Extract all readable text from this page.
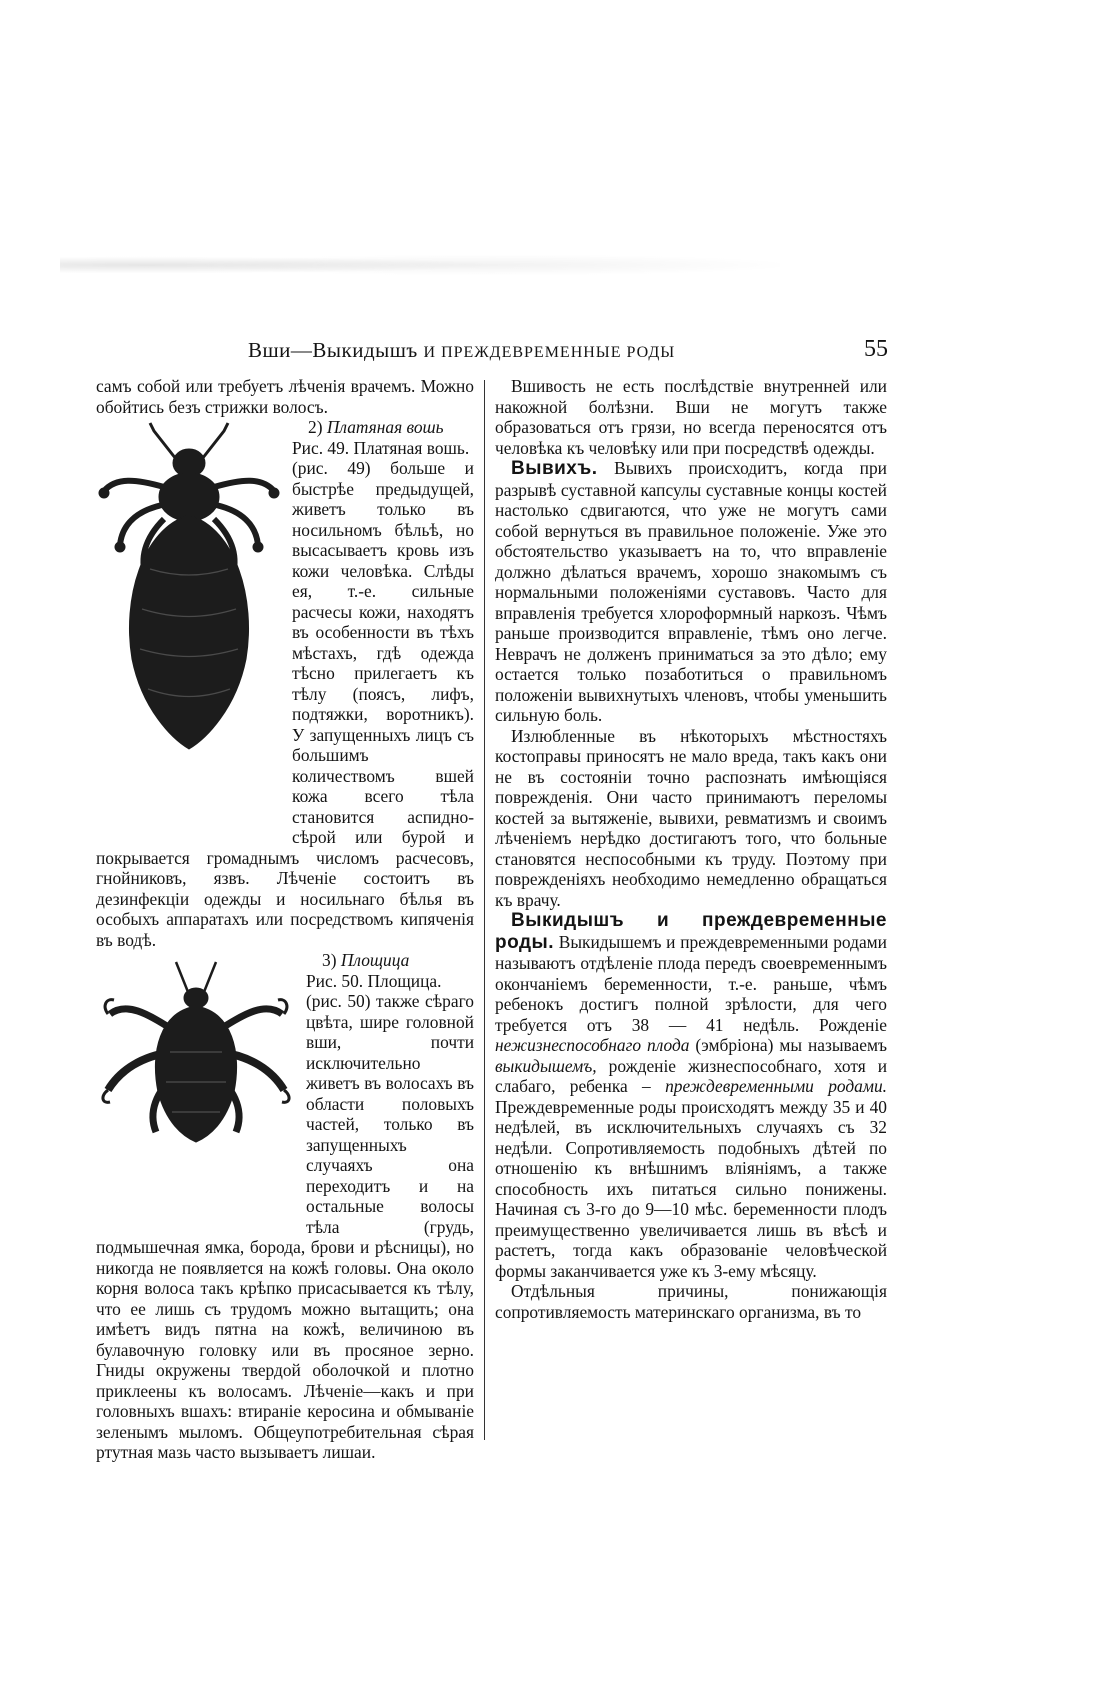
Вши—Выкидышъ И ПРЕЖДЕВРЕМЕННЫЕ РОДЫ	55

самъ собой или требуетъ лѣченія врачемъ. Можно обойтись безъ стрижки волосъ.

2) Платяная вошь

Рис. 49. Платяная вошь.
(рис. 49) больше и быстрѣе предыдущей, живетъ только въ носильномъ бѣльѣ, но высасываетъ кровь изъ кожи человѣка. Слѣды ея, т.-е. сильные расчесы кожи, находятъ въ особенности въ тѣхъ мѣстахъ, гдѣ одежда тѣсно прилегаетъ къ тѣлу (поясъ, лифъ, подтяжки, воротникъ). У запущенныхъ лицъ съ большимъ количествомъ вшей кожа всего тѣла становится аспидно-сѣрой или бурой и покрывается громаднымъ числомъ расчесовъ, гнойниковъ, язвъ. Лѣченіе состоитъ въ дезинфекціи одежды и носильнаго бѣлья въ особыхъ аппаратахъ или посредствомъ кипяченія въ водѣ.

3) Площица

Рис. 50. Площица.
(рис. 50) также сѣраго цвѣта, шире головной вши, почти исключительно живетъ въ волосахъ въ области половыхъ частей, только въ запущенныхъ случаяхъ она переходитъ и на остальные волосы тѣла (грудь, подмышечная ямка, борода, брови и рѣсницы), но никогда не появляется на кожѣ головы. Она около корня волоса такъ крѣпко присасывается къ тѣлу, что ее лишь съ трудомъ можно вытащить; она имѣетъ видъ пятна на кожѣ, величиною въ булавочную головку или въ просяное зерно. Гниды окружены твердой оболочкой и плотно приклеены къ волосамъ. Лѣченіе—какъ и при головныхъ вшахъ: втираніе керосина и обмываніе зеленымъ мыломъ. Общеупотребительная сѣрая ртутная мазь часто вызываетъ лишаи.

Вшивость не есть послѣдствіе внутренней или накожной болѣзни. Вши не могутъ также образоваться отъ грязи, но всегда переносятся отъ человѣка къ человѣку или при посредствѣ одежды.

Вывихъ. Вывихъ происходитъ, когда при разрывѣ суставной капсулы суставные концы костей настолько сдвигаются, что уже не могутъ сами собой вернуться въ правильное положеніе. Уже это обстоятельство указываетъ на то, что вправленіе должно дѣлаться врачемъ, хорошо знакомымъ съ нормальными положеніями суставовъ. Часто для вправленія требуется хлороформный наркозъ. Чѣмъ раньше производится вправленіе, тѣмъ оно легче. Неврачъ не долженъ приниматься за это дѣло; ему остается только позаботиться о правильномъ положеніи вывихнутыхъ членовъ, чтобы уменьшить сильную боль.

Излюбленные въ нѣкоторыхъ мѣстностяхъ костоправы приносятъ не мало вреда, такъ какъ они не въ состояніи точно распознать имѣющіяся поврежденія. Они часто принимаютъ переломы костей за вытяженіе, вывихи, ревматизмъ и своимъ лѣченіемъ нерѣдко достигаютъ того, что больные становятся неспособными къ труду. Поэтому при поврежденіяхъ необходимо немедленно обращаться къ врачу.

Выкидышъ и преждевременные роды. Выкидышемъ и преждевременными родами называютъ отдѣленіе плода передъ своевременнымъ окончаніемъ беременности, т.-е. раньше, чѣмъ ребенокъ достигъ полной зрѣлости, для чего требуется отъ 38 — 41 недѣль. Рожденіе нежизнеспособнаго плода (эмбріона) мы называемъ выкидышемъ, рожденіе жизнеспособнаго, хотя и слабаго, ребенка – преждевременными родами. Преждевременные роды происходятъ между 35 и 40 недѣлей, въ исключительныхъ случаяхъ съ 32 недѣли. Сопротивляемость подобныхъ дѣтей по отношенію къ внѣшнимъ вліяніямъ, а также способность ихъ питаться сильно понижены. Начиная съ 3-го до 9—10 мѣс. беременности плодъ преимущественно увеличивается лишь въ вѣсѣ и растетъ, тогда какъ образованіе человѣческой формы заканчивается уже къ 3-ему мѣсяцу.

Отдѣльныя причины, понижающія сопротивляемость материнскаго организма, въ то
